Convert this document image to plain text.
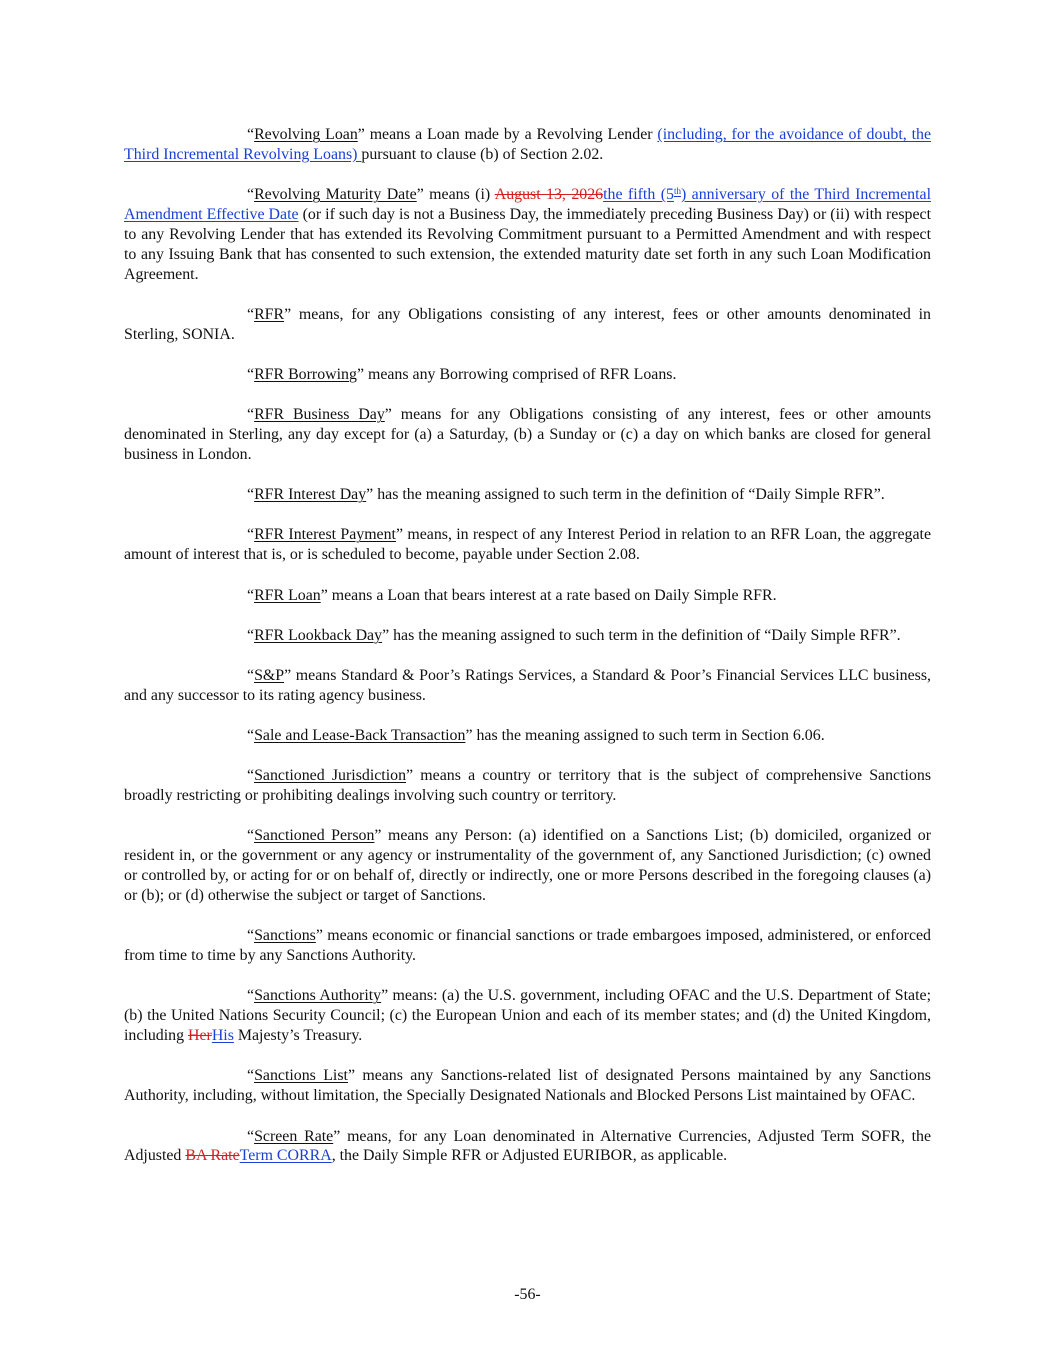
“Revolving Loan” means a Loan made by a Revolving Lender (including, for the avoidance of doubt, the Third Incremental Revolving Loans) pursuant to clause (b) of Section 2.02.

“Revolving Maturity Date” means (i) August 13, 2026the fifth (5th) anniversary of the Third Incremental Amendment Effective Date (or if such day is not a Business Day, the immediately preceding Business Day) or (ii) with respect to any Revolving Lender that has extended its Revolving Commitment pursuant to a Permitted Amendment and with respect to any Issuing Bank that has consented to such extension, the extended maturity date set forth in any such Loan Modification Agreement.

“RFR” means, for any Obligations consisting of any interest, fees or other amounts denominated in Sterling, SONIA.

“RFR Borrowing” means any Borrowing comprised of RFR Loans.

“RFR Business Day” means for any Obligations consisting of any interest, fees or other amounts denominated in Sterling, any day except for (a) a Saturday, (b) a Sunday or (c) a day on which banks are closed for general business in London.

“RFR Interest Day” has the meaning assigned to such term in the definition of “Daily Simple RFR”.

“RFR Interest Payment” means, in respect of any Interest Period in relation to an RFR Loan, the aggregate amount of interest that is, or is scheduled to become, payable under Section 2.08.

“RFR Loan” means a Loan that bears interest at a rate based on Daily Simple RFR.

“RFR Lookback Day” has the meaning assigned to such term in the definition of “Daily Simple RFR”.

“S&P” means Standard & Poor’s Ratings Services, a Standard & Poor’s Financial Services LLC business, and any successor to its rating agency business.

“Sale and Lease-Back Transaction” has the meaning assigned to such term in Section 6.06.

“Sanctioned Jurisdiction” means a country or territory that is the subject of comprehensive Sanctions broadly restricting or prohibiting dealings involving such country or territory.

“Sanctioned Person” means any Person: (a) identified on a Sanctions List; (b) domiciled, organized or resident in, or the government or any agency or instrumentality of the government of, any Sanctioned Jurisdiction; (c) owned or controlled by, or acting for or on behalf of, directly or indirectly, one or more Persons described in the foregoing clauses (a) or (b); or (d) otherwise the subject or target of Sanctions.

“Sanctions” means economic or financial sanctions or trade embargoes imposed, administered, or enforced from time to time by any Sanctions Authority.

“Sanctions Authority” means: (a) the U.S. government, including OFAC and the U.S. Department of State; (b) the United Nations Security Council; (c) the European Union and each of its member states; and (d) the United Kingdom, including HerHis Majesty’s Treasury.

“Sanctions List” means any Sanctions-related list of designated Persons maintained by any Sanctions Authority, including, without limitation, the Specially Designated Nationals and Blocked Persons List maintained by OFAC.

“Screen Rate” means, for any Loan denominated in Alternative Currencies, Adjusted Term SOFR, the Adjusted BA RateTerm CORRA, the Daily Simple RFR or Adjusted EURIBOR, as applicable.

-56-
